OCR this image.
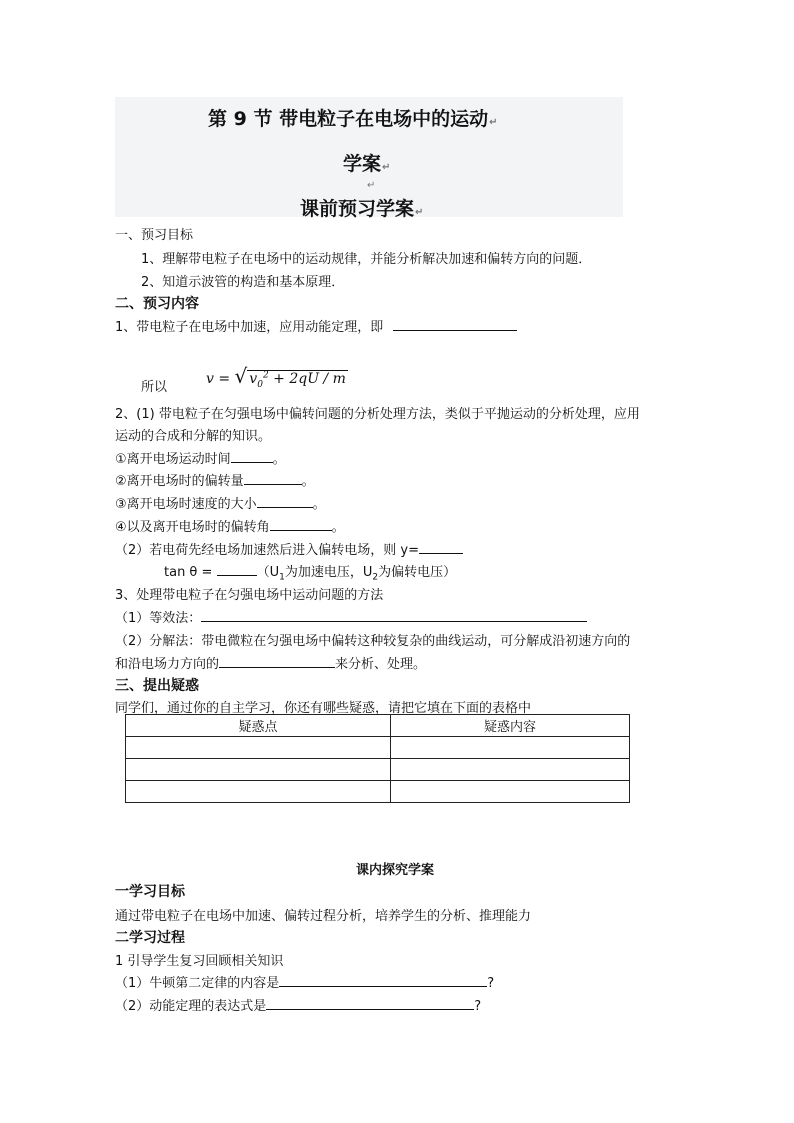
第 9 节 带电粒子在电场中的运动↵
学案↵
↵
课前预习学案↵
一、预习目标
1、理解带电粒子在电场中的运动规律，并能分析解决加速和偏转方向的问题．
2、知道示波管的构造和基本原理．
二、预习内容
1、带电粒子在电场中加速，应用动能定理，即
v = √ $v_0^2 + 2qU / m$
所以
2、(1) 带电粒子在匀强电场中偏转问题的分析处理方法，类似于平抛运动的分析处理，应用
运动的合成和分解的知识。
①离开电场运动时间	。
②离开电场时的偏转量	。
③离开电场时速度的大小	。
④以及离开电场时的偏转角	。
（2）若电荷先经电场加速然后进入偏转电场，则 y=
tan θ =	（$U_1$为加速电压，$U_2$为偏转电压）
3、处理带电粒子在匀强电场中运动问题的方法
（1）等效法：
（2）分解法：带电微粒在匀强电场中偏转这种较复杂的曲线运动，可分解成沿初速方向的
和沿电场力方向的	来分析、处理。
三、提出疑惑
同学们，通过你的自主学习，你还有哪些疑惑，请把它填在下面的表格中
疑惑点	疑惑内容

课内探究学案
一学习目标
通过带电粒子在电场中加速、偏转过程分析，培养学生的分析、推理能力
二学习过程
1 引导学生复习回顾相关知识
（1）牛顿第二定律的内容是	?
（2）动能定理的表达式是	?
